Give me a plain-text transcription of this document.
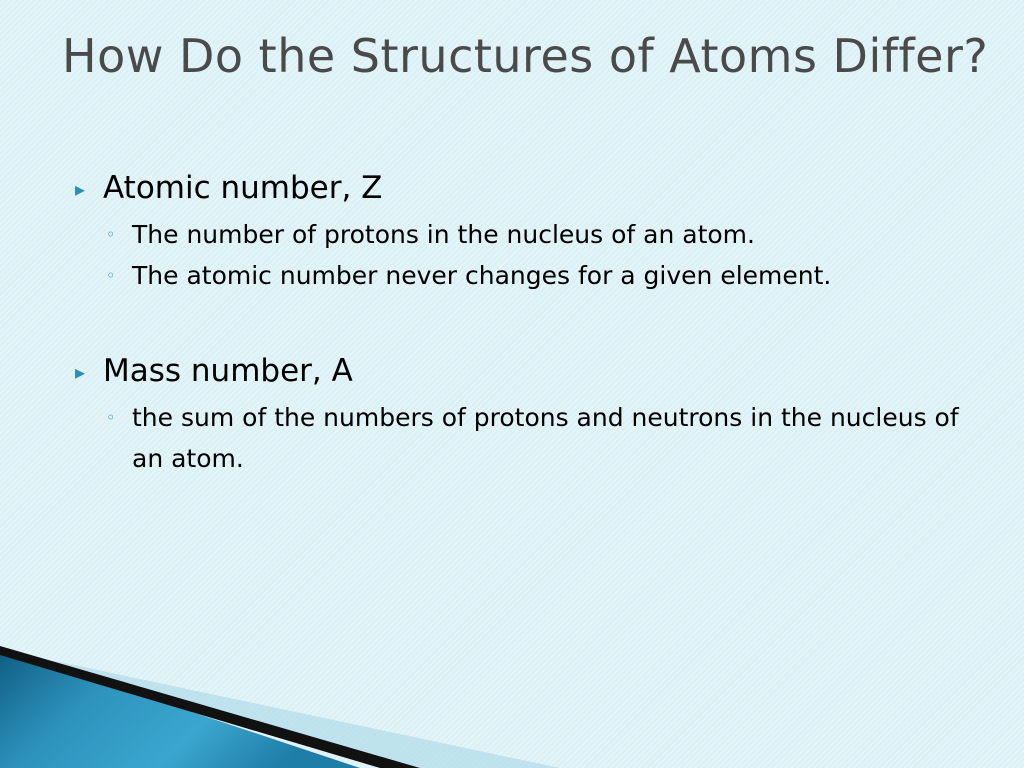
How Do the Structures of Atoms Differ?
▸ Atomic number, Z
◦ The number of protons in the nucleus of an atom.
◦ The atomic number never changes for a given element.
▸ Mass number, A
◦ the sum of the numbers of protons and neutrons in the nucleus of an atom.
